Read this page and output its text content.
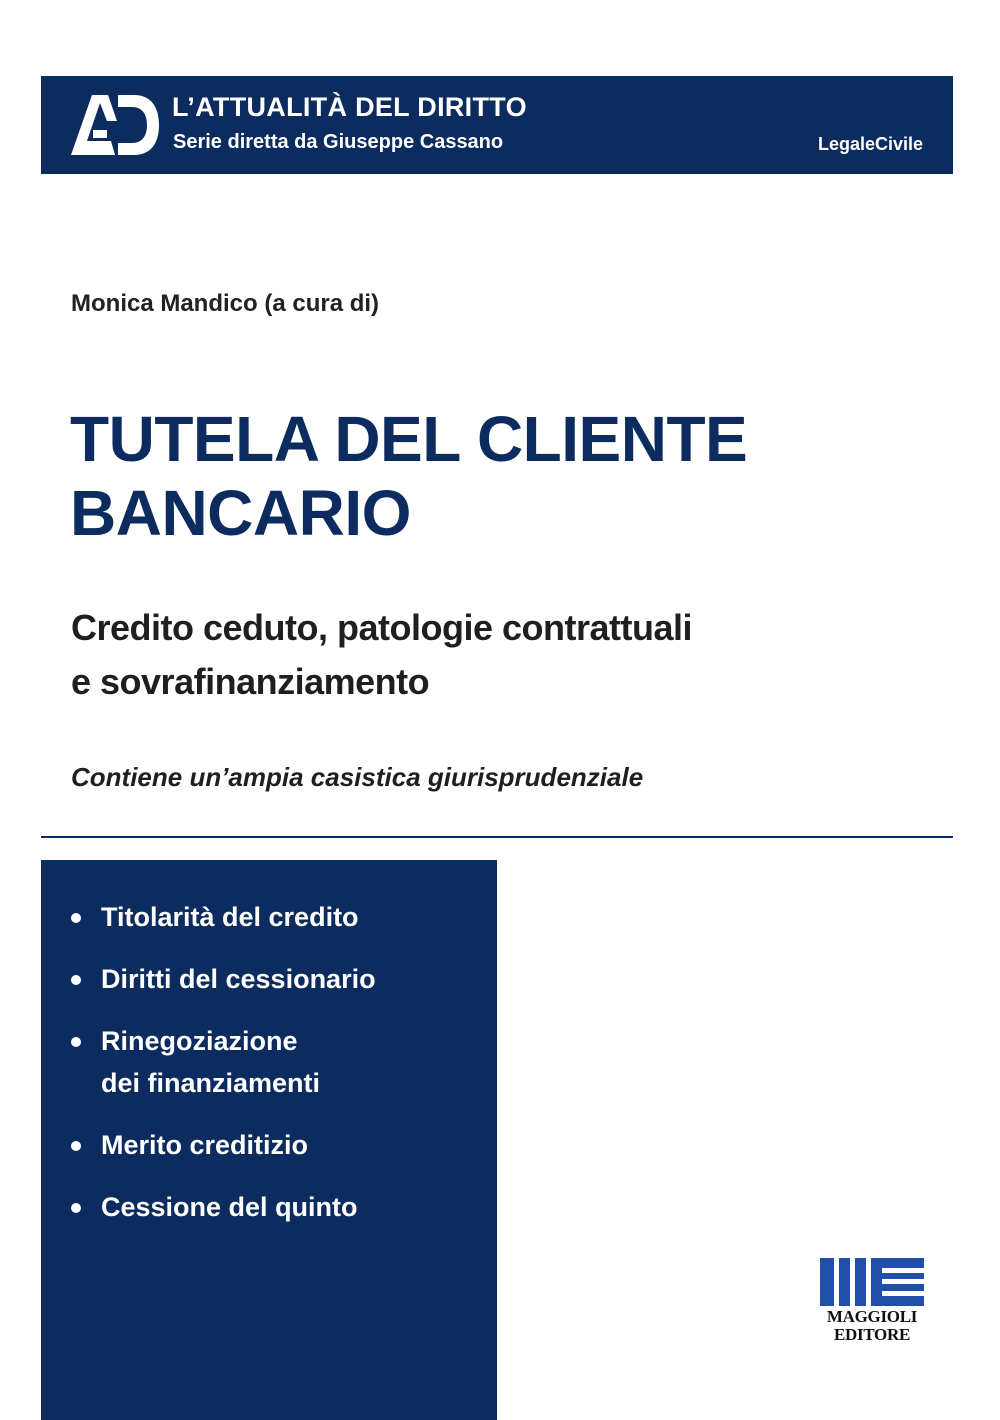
L’ATTUALITÀ DEL DIRITTO
Serie diretta da Giuseppe Cassano	LegaleCivile
Monica Mandico (a cura di)
TUTELA DEL CLIENTE
BANCARIO
Credito ceduto, patologie contrattuali
e sovrafinanziamento
Contiene un’ampia casistica giurisprudenziale
Titolarità del credito
Diritti del cessionario
Rinegoziazione
dei finanziamenti
Merito creditizio
Cessione del quinto
MAGGIOLI
EDITORE
